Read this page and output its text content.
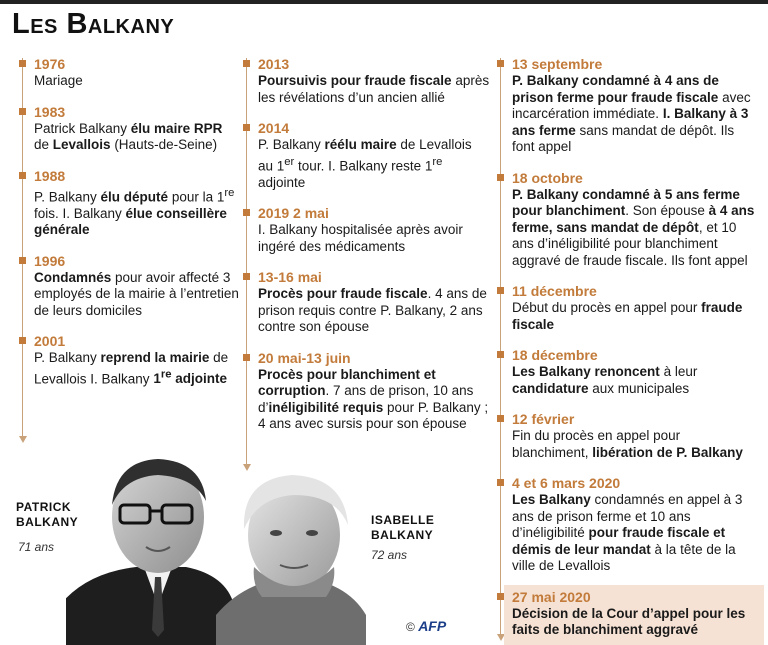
Les Balkany
1976
Mariage
1983
Patrick Balkany élu maire RPR de Levallois (Hauts-de-Seine)
1988
P. Balkany élu député pour la 1re fois. I. Balkany élue conseillère générale
1996
Condamnés pour avoir affecté 3 employés de la mairie à l’entretien de leurs domiciles
2001
P. Balkany reprend la mairie de Levallois I. Balkany 1re adjointe
2013
Poursuivis pour fraude fiscale après les révélations d’un ancien allié
2014
P. Balkany réélu maire de Levallois au 1er tour. I. Balkany reste 1re adjointe
2019 2 mai
I. Balkany hospitalisée après avoir ingéré des médicaments
13-16 mai
Procès pour fraude fiscale. 4 ans de prison requis contre P. Balkany, 2 ans contre son épouse
20 mai-13 juin
Procès pour blanchiment et corruption. 7 ans de prison, 10 ans d’inéligibilité requis pour P. Balkany ; 4 ans avec sursis pour son épouse
13 septembre
P. Balkany condamné à 4 ans de prison ferme pour fraude fiscale avec incarcération immédiate. I. Balkany à 3 ans ferme sans mandat de dépôt. Ils font appel
18 octobre
P. Balkany condamné à 5 ans ferme pour blanchiment. Son épouse à 4 ans ferme, sans mandat de dépôt, et 10 ans d’inéligibilité pour blanchiment aggravé de fraude fiscale. Ils font appel
11 décembre
Début du procès en appel pour fraude fiscale
18 décembre
Les Balkany renoncent à leur candidature aux municipales
12 février
Fin du procès en appel pour blanchiment, libération de P. Balkany
4 et 6 mars 2020
Les Balkany condamnés en appel à 3 ans de prison ferme et 10 ans d’inéligibilité pour fraude fiscale et démis de leur mandat à la tête de la ville de Levallois
27 mai 2020
Décision de la Cour d’appel pour les faits de blanchiment aggravé
PATRICK
BALKANY
71 ans
ISABELLE
BALKANY
72 ans
© AFP
